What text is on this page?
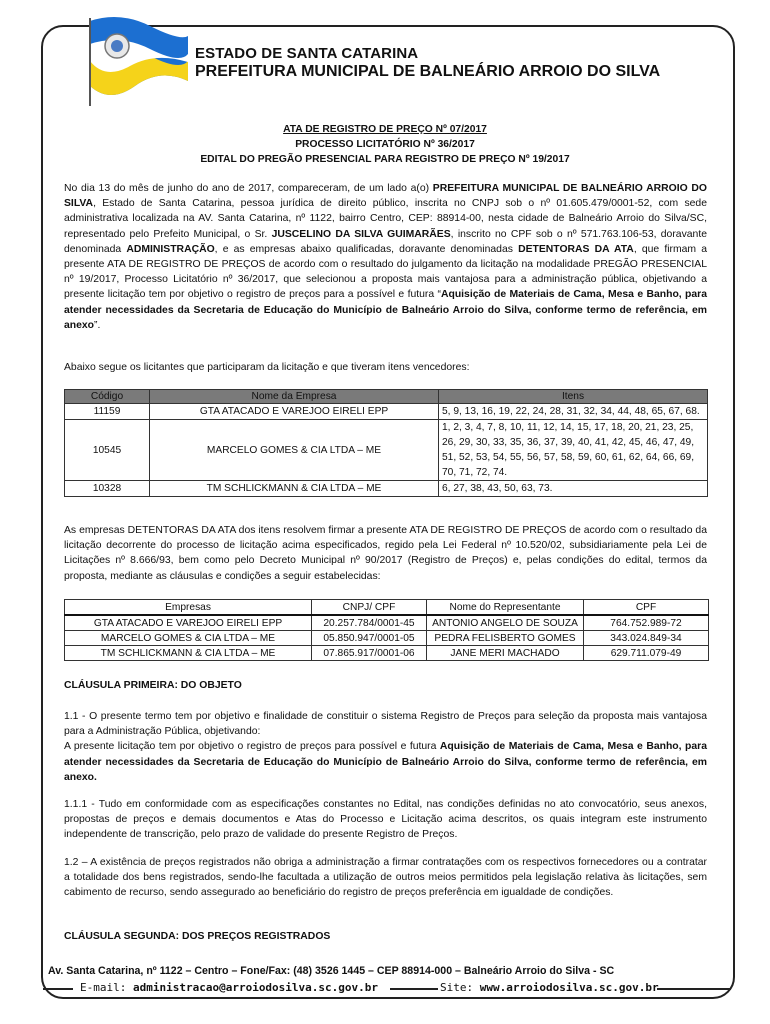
ESTADO DE SANTA CATARINA
PREFEITURA MUNICIPAL DE BALNEÁRIO ARROIO DO SILVA
ATA DE REGISTRO DE PREÇO Nº 07/2017
PROCESSO LICITATÓRIO Nº 36/2017
EDITAL DO PREGÃO PRESENCIAL PARA REGISTRO DE PREÇO Nº 19/2017
No dia 13 do mês de junho do ano de 2017, compareceram, de um lado a(o) PREFEITURA MUNICIPAL DE BALNEÁRIO ARROIO DO SILVA, Estado de Santa Catarina, pessoa jurídica de direito público, inscrita no CNPJ sob o nº 01.605.479/0001-52, com sede administrativa localizada na AV. Santa Catarina, nº 1122, bairro Centro, CEP: 88914-00, nesta cidade de Balneário Arroio do Silva/SC, representado pelo Prefeito Municipal, o Sr. JUSCELINO DA SILVA GUIMARÃES, inscrito no CPF sob o nº 571.763.106-53, doravante denominada ADMINISTRAÇÃO, e as empresas abaixo qualificadas, doravante denominadas DETENTORAS DA ATA, que firmam a presente ATA DE REGISTRO DE PREÇOS de acordo com o resultado do julgamento da licitação na modalidade PREGÃO PRESENCIAL nº 19/2017, Processo Licitatório nº 36/2017, que selecionou a proposta mais vantajosa para a administração pública, objetivando a presente licitação tem por objetivo o registro de preços para a possível e futura “Aquisição de Materiais de Cama, Mesa e Banho, para atender necessidades da Secretaria de Educação do Município de Balneário Arroio do Silva, conforme termo de referência, em anexo”.
Abaixo segue os licitantes que participaram da licitação e que tiveram itens vencedores:
Código	Nome da Empresa	Itens
11159	GTA ATACADO E VAREJOO EIRELI EPP	5, 9, 13, 16, 19, 22, 24, 28, 31, 32, 34, 44, 48, 65, 67, 68.
10545	MARCELO GOMES & CIA LTDA – ME	1, 2, 3, 4, 7, 8, 10, 11, 12, 14, 15, 17, 18, 20, 21, 23, 25, 26, 29, 30, 33, 35, 36, 37, 39, 40, 41, 42, 45, 46, 47, 49, 51, 52, 53, 54, 55, 56, 57, 58, 59, 60, 61, 62, 64, 66, 69, 70, 71, 72, 74.
10328	TM SCHLICKMANN & CIA LTDA – ME	6, 27, 38, 43, 50, 63, 73.
As empresas DETENTORAS DA ATA dos itens resolvem firmar a presente ATA DE REGISTRO DE PREÇOS de acordo com o resultado da licitação decorrente do processo de licitação acima especificados, regido pela Lei Federal nº 10.520/02, subsidiariamente pela Lei de Licitações nº 8.666/93, bem como pelo Decreto Municipal nº 90/2017 (Registro de Preços) e, pelas condições do edital, termos da proposta, mediante as cláusulas e condições a seguir estabelecidas:
Empresas	CNPJ/ CPF	Nome do Representante	CPF
GTA ATACADO E VAREJOO EIRELI EPP	20.257.784/0001-45	ANTONIO ANGELO DE SOUZA	764.752.989-72
MARCELO GOMES & CIA LTDA – ME	05.850.947/0001-05	PEDRA FELISBERTO GOMES	343.024.849-34
TM SCHLICKMANN & CIA LTDA – ME	07.865.917/0001-06	JANE MERI MACHADO	629.711.079-49
CLÁUSULA PRIMEIRA: DO OBJETO
1.1 - O presente termo tem por objetivo e finalidade de constituir o sistema Registro de Preços para seleção da proposta mais vantajosa para a Administração Pública, objetivando:
A presente licitação tem por objetivo o registro de preços para possível e futura Aquisição de Materiais de Cama, Mesa e Banho, para atender necessidades da Secretaria de Educação do Município de Balneário Arroio do Silva, conforme termo de referência, em anexo.
1.1.1 - Tudo em conformidade com as especificações constantes no Edital, nas condições definidas no ato convocatório, seus anexos, propostas de preços e demais documentos e Atas do Processo e Licitação acima descritos, os quais integram este instrumento independente de transcrição, pelo prazo de validade do presente Registro de Preços.
1.2 – A existência de preços registrados não obriga a administração a firmar contratações com os respectivos fornecedores ou a contratar a totalidade dos bens registrados, sendo-lhe facultada a utilização de outros meios permitidos pela legislação relativa às licitações, sem cabimento de recurso, sendo assegurado ao beneficiário do registro de preços preferência em igualdade de condições.
CLÁUSULA SEGUNDA: DOS PREÇOS REGISTRADOS
Av. Santa Catarina, nº 1122 – Centro – Fone/Fax: (48) 3526 1445 – CEP 88914-000 – Balneário Arroio do Silva - SC
E-mail: administracao@arroiodosilva.sc.gov.br	Site: www.arroiodosilva.sc.gov.br
